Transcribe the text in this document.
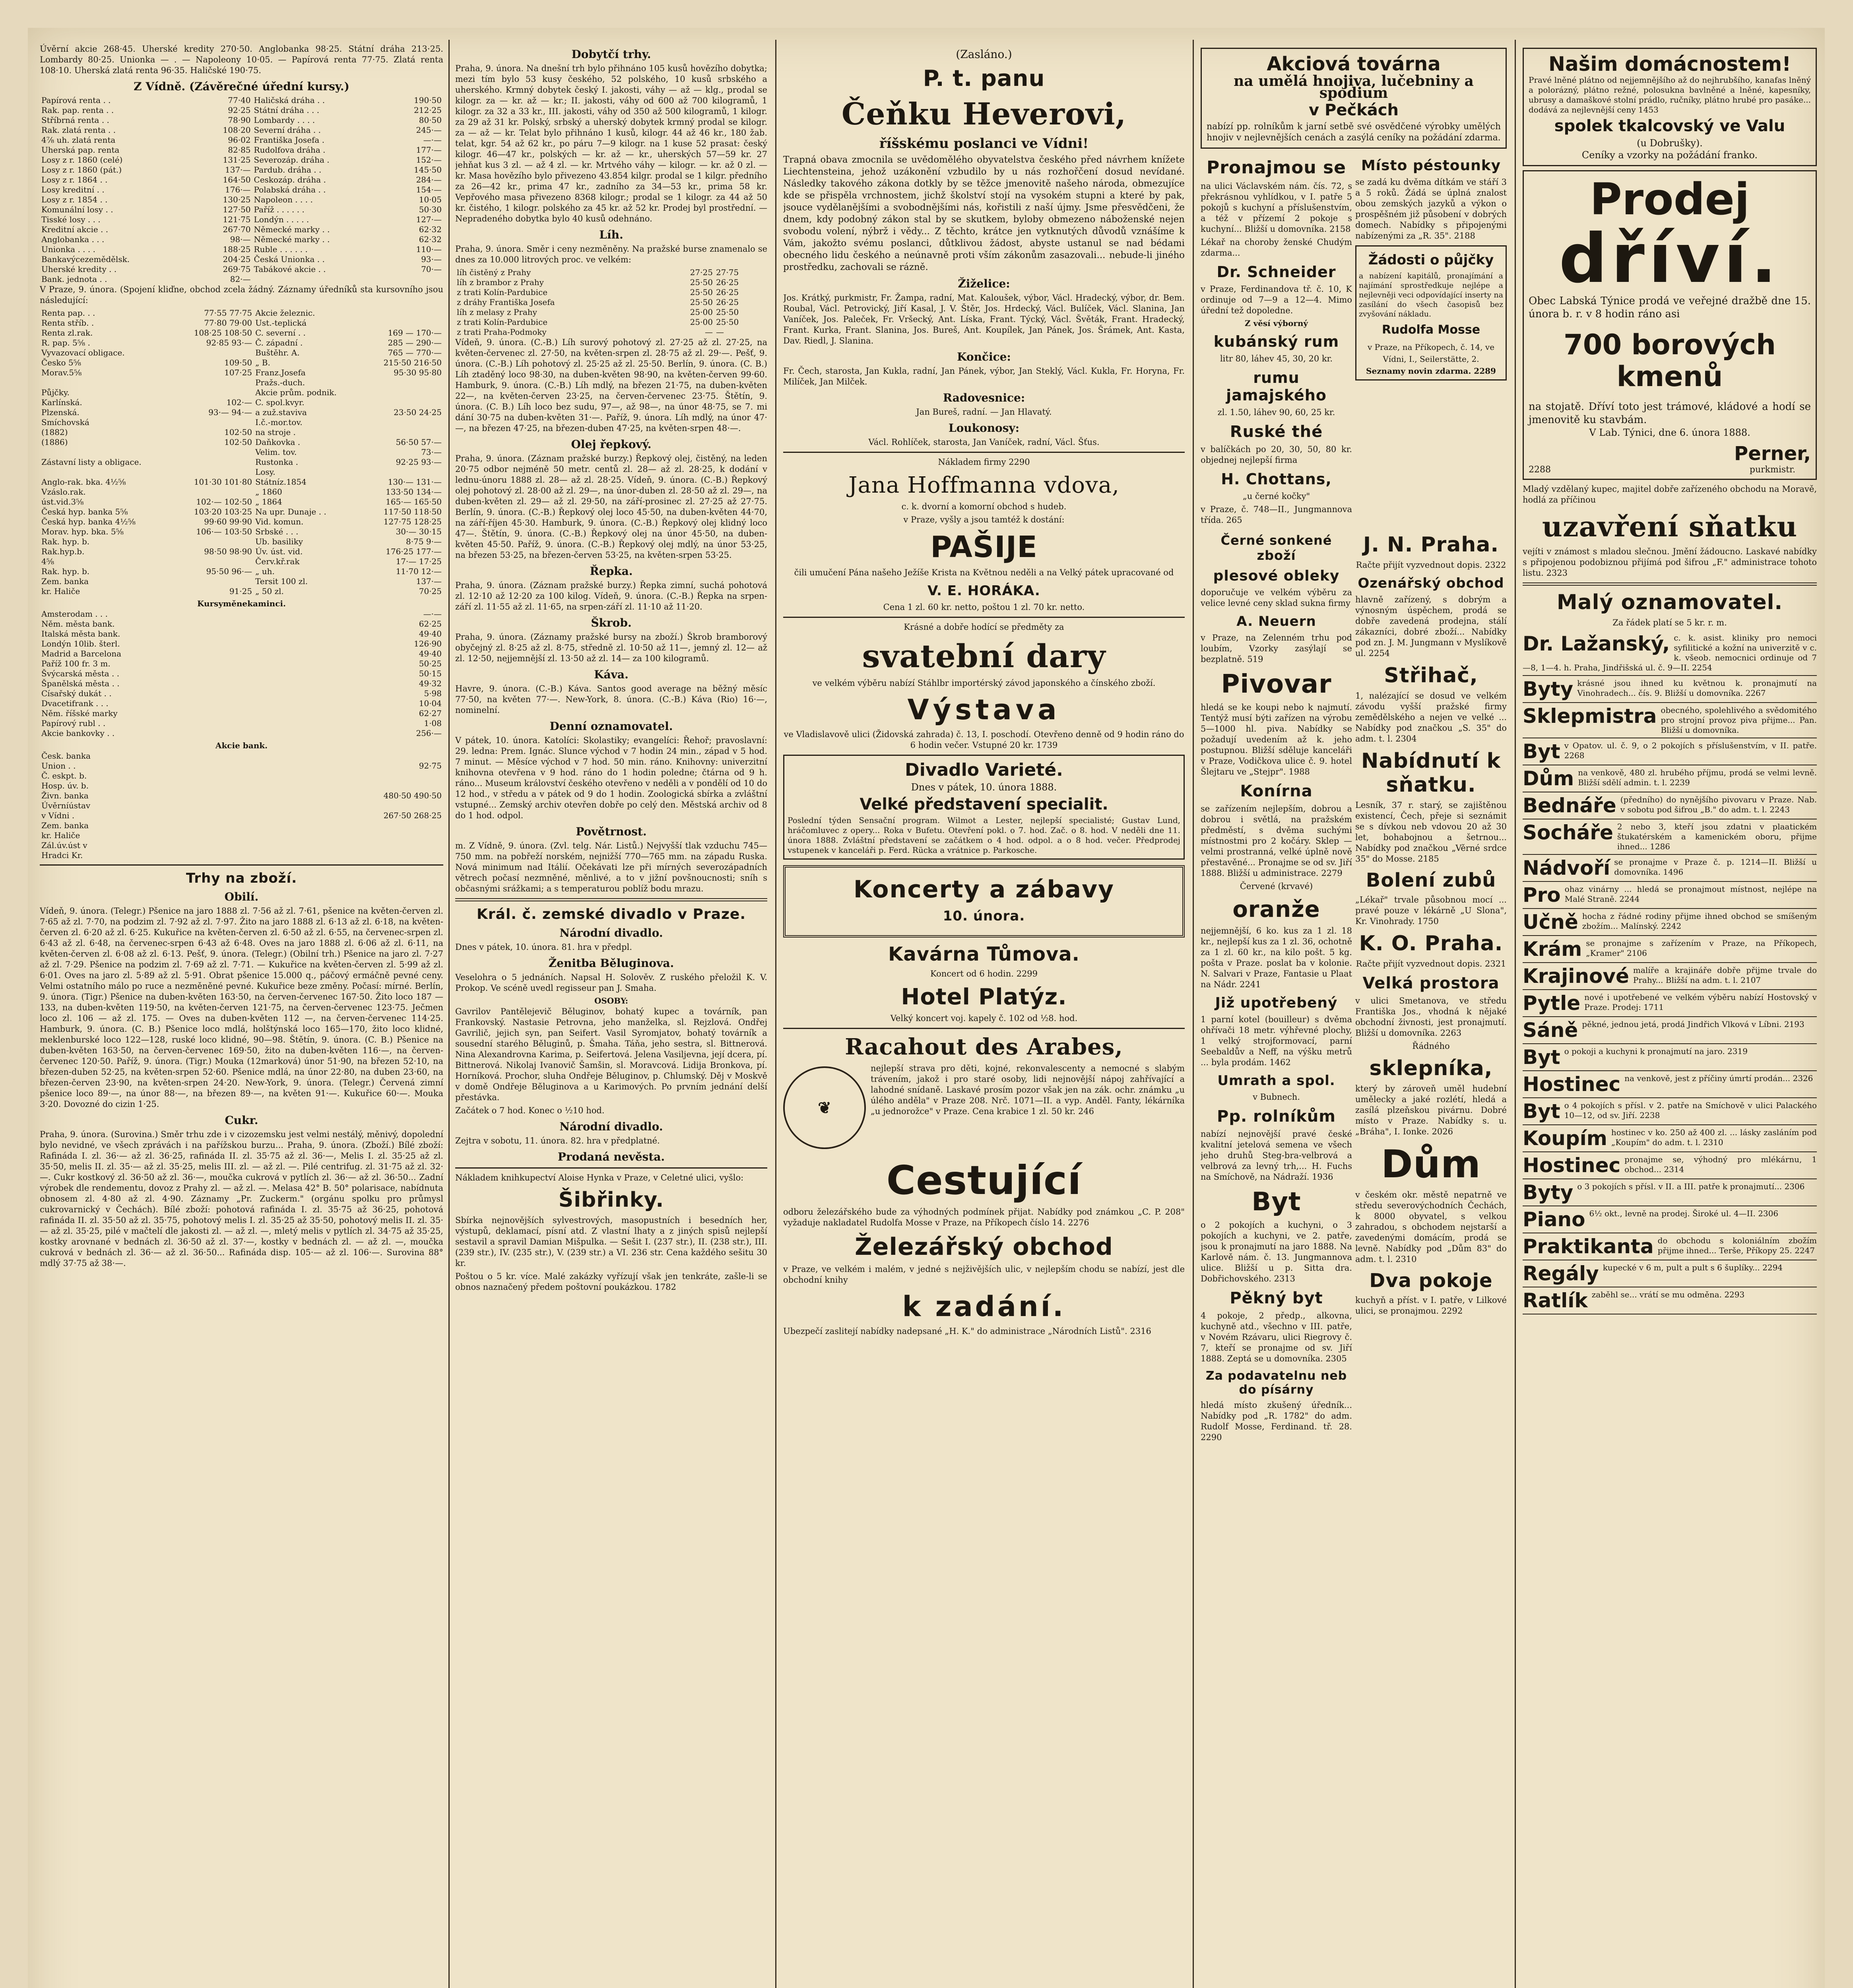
Úvěrní akcie 268·45. Uherské kredity 270·50. Anglobanka 98·25. Státní dráha 213·25. Lombardy 80·25. Unionka — . — Napoleony 10·05. — Papírová renta 77·75. Zlatá renta 108·10. Uherská zlatá renta 96·35. Haličské 190·75.

Z Vídně. (Závěrečné úřední kursy.)
Papírová renta . .	77·40	Haličská dráha . .	190·50
Rak. pap. renta . .	92·25	Státní dráha . . .	212·25
Stříbrná renta . .	78·90	Lombardy . . . .	80·50
Rak. zlatá renta . .	108·20	Severní dráha . .	245·—
4⅞ uh. zlatá renta	96·02	Františka Josefa .	—·—
Uherská pap. renta	82·85	Rudolfova dráha .	177·—
Losy z r. 1860 (celé)	131·25	Severozáp. dráha .	152·—
Losy z r. 1860 (pát.)	137·—	Pardub. dráha . .	145·50
Losy z r. 1864 . .	164·50	Ceskozáp. dráha .	284·—
Losy kreditní . .	176·—	Polabská dráha . .	154·—
Losy z r. 1854 . .	130·25	Napoleon . . . .	10·05
Komunální losy . .	127·50	Paříž . . . . . .	50·30
Tisské losy . . .	121·75	Londýn . . . . .	127·—
Kreditní akcie . .	267·70	Německé marky . .	62·32
Anglobanka . . .	98·—	Německé marky . .	62·32
Unionka . . . .	188·25	Ruble . . . . . .	110·—
Bankavýcezemědělsk.	204·25	Česká Unionka . .	93·—
Uherské kredity . .	269·75	Tabákové akcie . .	70·—
Bank. jednota . .	82·—		

V Praze, 9. února. (Spojení kliďne, obchod zcela žádný. Záznamy úředníků sta kursovního jsou následující:

Renta pap. . .	77·55 77·75	Akcie železnic.	
Renta stříb. .	77·80 79·00	Ust.-teplická	
Renta zl.rak.	108·25 108·50	C. severní . .	169 — 170·—
R. pap. 5⅝ .	92·85 93·—	Č. západní .	285 — 290·—
Vyvazovací obligace.		Buštěhr. A.	765 — 770·—
Česko 5⅝	109·50	„ B.	215·50 216·50
Morav.5⅝	107·25	Franz.Josefa	95·30 95·80
		Pražs.-duch.	
Půjčky.		Akcie prům. podnik.	
Karlínská.	102·—	C. spol.kvyr.	
Plzenská.	93·— 94·—	a zuž.staviva	23·50 24·25
Smíchovská		I.č.-mor.tov.	
(1882)	102·50	na stroje .	
(1886)	102·50	Daňkovka .	56·50 57·—
		Velim. tov.	73·—
Zástavní listy a obligace.		Rustonka .	92·25 93·—
		Losy.	
Anglo-rak. bka. 4½⅝	101·30 101·80	Státníz.1854	130·— 131·—
Vzáslo.rak.		„ 1860	133·50 134·—
úst.vid.3⅝	102·— 102·50	„ 1864	165·— 165·50
Česká hyp. banka 5⅝	103·20 103·25	Na upr. Dunaje . .	117·50 118·50
Česká hyp. banka 4½⅝	99·60 99·90	Vid. komun.	127·75 128·25
Morav. hyp. bka. 5⅝	106·— 103·50	Srbské . . .	30·— 30·15
Rak. hyp. b.		Ub. basiliky	8·75 9·—
Rak.hyp.b.	98·50 98·90	Úv. úst. vid.	176·25 177·—
4⅝		Červ.kř.rak	17·— 17·25
Rak. hyp. b.	95·50 96·—	„ uh.	11·70 12·—
Zem. banka		Tersit 100 zl.	137·—
kr. Haliče	91·25	„ 50 zl.	70·25
Kursyměnekaminci.
Amsterodam . . .	—·—
Něm. města bank.	62·25
Italská města bank.	49·40
Londýn 10lib. šterl.	126·90
Madrid a Barcelona	49·40
Paříž 100 fr. 3 m.	50·25
Švýcarská města . .	50·15
Španělská města . .	49·32
Císařský dukát . .	5·98
Dvacetifrank . . .	10·04
Něm. říšské marky	62·27
Papírový rubl . .	1·08
Akcie bankovky . .	256·—
Akcie bank.
Česk. banka	
Union . .	92·75
Č. eskpt. b.	
Hosp. úv. b.	
Živn. banka	480·50 490·50
Úvěrníústav	
v Vídni .	267·50 268·25
Zem. banka	
kr. Haliče	
Zál.úv.úst v	
Hradci Kr.	
Trhy na zboží.
Obilí.

Vídeň, 9. února. (Telegr.) Pšenice na jaro 1888 zl. 7·56 až zl. 7·61, pšenice na květen-červen zl. 7·65 až zl. 7·70, na podzim zl. 7·92 až zl. 7·97. Žito na jaro 1888 zl. 6·13 až zl. 6·18, na květen-červen zl. 6·20 až zl. 6·25. Kukuřice na květen-červen zl. 6·50 až zl. 6·55, na červenec-srpen zl. 6·43 až zl. 6·48, na červenec-srpen 6·43 až 6·48. Oves na jaro 1888 zl. 6·06 až zl. 6·11, na květen-červen zl. 6·08 až zl. 6·13. Pešť, 9. února. (Telegr.) (Obilní trh.) Pšenice na jaro zl. 7·27 až zl. 7·29. Pšenice na podzim zl. 7·69 až zl. 7·71. — Kukuřice na květen-červen zl. 5·99 až zl. 6·01. Oves na jaro zl. 5·89 až zl. 5·91. Obrat pšenice 15.000 q., páčový ermáčně pevné ceny. Velmi ostatního málo po ruce a nezměněné pevné. Kukuřice beze změny. Počasí: mírné. Berlín, 9. února. (Tigr.) Pšenice na duben-květen 163·50, na červen-červenec 167·50. Žito loco 187 — 133, na duben-květen 119·50, na květen-červen 121·75, na červen-červenec 123·75. Ječmen loco zl. 106 — až zl. 175. — Oves na duben-květen 112 —, na červen-červenec 114·25. Hamburk, 9. února. (C. B.) Pšenice loco mdlá, holštýnská loco 165—170, žito loco klidné, meklenburské loco 122—128, ruské loco klidné, 90—98. Štětín, 9. února. (C. B.) Pšenice na duben-květen 163·50, na červen-červenec 169·50, žito na duben-květen 116·—, na červen-červenec 120·50. Paříž, 9. února. (Tigr.) Mouka (12marková) únor 51·90, na březen 52·10, na březen-duben 52·25, na květen-srpen 52·60. Pšenice mdlá, na únor 22·80, na duben 23·60, na březen-červen 23·90, na květen-srpen 24·20. New-York, 9. února. (Telegr.) Červená zimní pšenice loco 89·—, na únor 88·—, na březen 89·—, na květen 91·—. Kukuřice 60·—. Mouka 3·20. Dovozné do cizin 1·25.

Cukr.

Praha, 9. února. (Surovina.) Směr trhu zde i v cizozemsku jest velmi nestálý, měnivý, dopolední bylo nevidné, ve všech zprávách i na pařížskou burzu... Praha, 9. února. (Zboží.) Bílé zboží: Rafináda I. zl. 36·— až zl. 36·25, rafináda II. zl. 35·75 až zl. 36·—, Melis I. zl. 35·25 až zl. 35·50, melis II. zl. 35·— až zl. 35·25, melis III. zl. — až zl. —. Pilé centrifug. zl. 31·75 až zl. 32·—. Cukr kostkový zl. 36·50 až zl. 36·—, moučka cukrová v pytlích zl. 36·— až zl. 36·50... Zadní výrobek dle rendementu, dovoz z Prahy zl. — až zl. —. Melasa 42° B. 50° polarisace, nabídnuta obnosem zl. 4·80 až zl. 4·90. Záznamy „Pr. Zuckerm." (orgánu spolku pro průmysl cukrovarnický v Čechách). Bílé zboží: pohotová rafináda I. zl. 35·75 až 36·25, pohotová rafináda II. zl. 35·50 až zl. 35·75, pohotový melis I. zl. 35·25 až 35·50, pohotový melis II. zl. 35·— až zl. 35·25, pilé v mačtelí dle jakosti zl. — až zl. —, mletý melis v pytlích zl. 34·75 až 35·25, kostky arovnané v bednách zl. 36·50 až zl. 37·—, kostky v bednách zl. — až zl. —, moučka cukrová v bednách zl. 36·— až zl. 36·50... Rafináda disp. 105·— až zl. 106·—. Surovina 88° mdlý 37·75 až 38·—.

Dobytčí trhy.

Praha, 9. února. Na dnešní trh bylo přihnáno 105 kusů hovězího dobytka; mezi tím bylo 53 kusy českého, 52 polského, 10 kusů srbského a uherského. Krmný dobytek český I. jakosti, váhy — až — klg., prodal se kilogr. za — kr. až — kr.; II. jakosti, váhy od 600 až 700 kilogramů, 1 kilogr. za 32 a 33 kr., III. jakosti, váhy od 350 až 500 kilogramů, 1 kilogr. za 29 až 31 kr. Polský, srbský a uherský dobytek krmný prodal se kilogr. za — až — kr. Telat bylo přihnáno 1 kusů, kilogr. 44 až 46 kr., 180 žab. telat, kgr. 54 až 62 kr., po páru 7—9 kilogr. na 1 kuse 52 prasat: český kilogr. 46—47 kr., polských — kr. až — kr., uherských 57—59 kr. 27 jehňat kus 3 zl. — až 4 zl. — kr. Mrtvého váhy — kilogr. — kr. až 0 zl. — kr. Masa hovězího bylo přivezeno 43.854 kilgr. prodal se 1 kilgr. předního za 26—42 kr., prima 47 kr., zadního za 34—53 kr., prima 58 kr. Vepřového masa přivezeno 8368 kilogr.; prodal se 1 kilogr. za 44 až 50 kr. čistého, 1 kilogr. polského za 45 kr. až 52 kr. Prodej byl prostřední. — Nepradeného dobytka bylo 40 kusů odehnáno.

Líh.

Praha, 9. února. Směr i ceny nezměněny. Na pražské burse znamenalo se dnes za 10.000 litrových proc. ve velkém:

líh čistěný z Prahy	27·25	27·75
líh z brambor z Prahy	25·50	26·25
z trati Kolín-Pardubice	25·50	26·25
z dráhy Františka Josefa	25·50	26·25
líh z melasy z Prahy	25·00	25·50
z trati Kolín-Pardubice	25·00	25·50
z trati Praha-Podmoky	—	—

Vídeň, 9. února. (C.-B.) Líh surový pohotový zl. 27·25 až zl. 27·25, na květen-červenec zl. 27·50, na květen-srpen zl. 28·75 až zl. 29·—. Pešť, 9. února. (C.-B.) Líh pohotový zl. 25·25 až zl. 25·50. Berlín, 9. února. (C. B.) Líh ztaděný loco 98·30, na duben-květen 98·90, na květen-červen 99·60. Hamburk, 9. února. (C.-B.) Líh mdlý, na březen 21·75, na duben-květen 22—, na květen-červen 23·25, na červen-červenec 23·75. Štětín, 9. února. (C. B.) Líh loco bez sudu, 97—, až 98—, na únor 48·75, se 7. mi dání 30·75 na duben-květen 31·—. Paříž, 9. února. Líh mdlý, na únor 47·—, na březen 47·25, na březen-duben 47·25, na květen-srpen 48·—.

Olej řepkový.

Praha, 9. února. (Záznam pražské burzy.) Řepkový olej, čistěný, na leden 20·75 odbor nejméně 50 metr. centů zl. 28— až zl. 28·25, k dodání v lednu-únoru 1888 zl. 28— až zl. 28·25. Vídeň, 9. února. (C.-B.) Řepkový olej pohotový zl. 28·00 až zl. 29—, na únor-duben zl. 28·50 až zl. 29—, na duben-květen zl. 29— až zl. 29·50, na září-prosinec zl. 27·25 až 27·75. Berlín, 9. února. (C.-B.) Řepkový olej loco 45·50, na duben-květen 44·70, na září-říjen 45·30. Hamburk, 9. února. (C.-B.) Řepkový olej klidný loco 47—. Štětín, 9. února. (C.-B.) Řepkový olej na únor 45·50, na duben-květen 45·50. Paříž, 9. února. (C.-B.) Řepkový olej mdlý, na únor 53·25, na březen 53·25, na březen-červen 53·25, na květen-srpen 53·25.

Řepka.

Praha, 9. února. (Záznam pražské burzy.) Řepka zimní, suchá pohotová zl. 12·10 až 12·20 za 100 kilog. Vídeň, 9. února. (C.-B.) Řepka na srpen-září zl. 11·55 až zl. 11·65, na srpen-září zl. 11·10 až 11·20.

Škrob.

Praha, 9. února. (Záznamy pražské bursy na zboží.) Škrob bramborový obyčejný zl. 8·25 až zl. 8·75, středně zl. 10·50 až 11—, jemný zl. 12— až zl. 12·50, nejjemnější zl. 13·50 až zl. 14— za 100 kilogramů.

Káva.

Havre, 9. února. (C.-B.) Káva. Santos good average na běžný měsíc 77·50, na květen 77·—. New-York, 8. února. (C.-B.) Káva (Rio) 16·—, nominelní.

Denní oznamovatel.

V pátek, 10. února. Katolíci: Skolastiky; evangelíci: Řehoř; pravoslavní: 29. ledna: Prem. Ignác. Slunce východ v 7 hodin 24 min., západ v 5 hod. 7 minut. — Měsíce východ v 7 hod. 50 min. ráno. Knihovny: univerzitní knihovna otevřena v 9 hod. ráno do 1 hodin poledne; čtárna od 9 h. ráno... Museum království českého otevřeno v neděli a v pondělí od 10 do 12 hod., v středu a v pátek od 9 do 1 hodin. Zoologická sbírka a zvláštní vstupné... Zemský archiv otevřen dobře po celý den. Městská archiv od 8 do 1 hod. odpol.

Povětrnost.

m. Z Vídně, 9. února. (Zvl. telg. Nár. Listů.) Nejvyšší tlak vzduchu 745—750 mm. na pobřeží norském, nejnižší 770—765 mm. na západu Ruska. Nová minimum nad Itálií. Očekávati lze při mírných severozápadních větrech počasí nezmněné, měnlivé, a to v jižní povšnoucnosti; sníh s občasnými srážkami; a s temperaturou poblíž bodu mrazu.

Král. č. zemské divadlo v Praze.
Národní divadlo.

Dnes v pátek, 10. února. 81. hra v předpl.

Ženitba Běluginova.

Veselohra o 5 jednáních. Napsal H. Solověv. Z ruského přeložil K. V. Prokop. Ve scéně uvedl regisseur pan J. Smaha.

OSOBY:

Gavrilov Pantělejevič Běluginov, bohatý kupec a továrník, pan Frankovský. Nastasie Petrovna, jeho manželka, sl. Rejzlová. Ondřej Gavrilič, jejich syn, pan Seifert. Vasil Syromjatov, bohatý továrník a sousední starého Běluginů, p. Šmaha. Táňa, jeho sestra, sl. Bittnerová. Nina Alexandrovna Karima, p. Seifertová. Jelena Vasiljevna, její dcera, pí. Bittnerová. Nikolaj Ivanovič Šamšin, sl. Moravcová. Lidija Bronkova, pí. Horníková. Prochor, sluha Ondřeje Běluginov, p. Chlumský. Děj v Moskvě v domě Ondřeje Běluginova a u Karimových. Po prvním jednání delší přestávka.

Začátek o 7 hod. Konec o ½10 hod.

Národní divadlo.

Zejtra v sobotu, 11. února. 82. hra v předplatné.

Prodaná nevěsta.

Nákladem knihkupectví Aloise Hynka v Praze, v Celetné ulici, vyšlo:

Šibřinky.

Sbírka nejnovějších sylvestrových, masopustních i besedních her, výstupů, deklamací, písní atd. Z vlastní lhaty a z jiných spisů nejlepší sestavil a spravil Damian Mišpulka. — Sešit I. (237 str.), II. (238 str.), III. (239 str.), IV. (235 str.), V. (239 str.) a VI. 236 str. Cena každého sešitu 30 kr.

Poštou o 5 kr. více. Malé zakázky vyřízují však jen tenkráte, zašle-li se obnos naznačený předem poštovní poukázkou. 1782

(Zasláno.)
P. t. panu
Čeňku Heverovi,
říšskému poslanci ve Vídni!

Trapná obava zmocnila se uvědomělého obyvatelstva českého před návrhem knížete Liechtensteina, jehož uzákonění vzbudilo by u nás rozhořčení dosud nevídané. Následky takového zákona dotkly by se těžce jmenovitě našeho národa, obmezujíce kde se přispěla vrchnostem, jichž školství stojí na vysokém stupni a které by pak, jsouce vydělanějšími a svobodnějšími nás, kořistili z naší újmy. Jsme přesvědčeni, že dnem, kdy podobný zákon stal by se skutkem, byloby obmezeno náboženské nejen svobodu volení, nýbrž i vědy... Z těchto, krátce jen vytknutých důvodů vznášíme k Vám, jakožto svému poslanci, důtklivou žádost, abyste ustanul se nad bédami obecného lidu českého a neúnavně proti vším zákonům zasazovali... nebude-li jiného prostředku, zachovali se rázně.

Žiželice:

Jos. Krátký, purkmistr, Fr. Žampa, radní, Mat. Kaloušek, výbor, Václ. Hradecký, výbor, dr. Bem. Roubal, Václ. Petrovický, Jiří Kasal, J. V. Štěr, Jos. Hrdecký, Václ. Bulíček, Václ. Slanina, Jan Vaníček, Jos. Paleček, Fr. Vršecký, Ant. Líska, Frant. Týcký, Václ. Švěták, Frant. Hradecký, Frant. Kurka, Frant. Slanina, Jos. Bureš, Ant. Koupílek, Jan Pánek, Jos. Šrámek, Ant. Kasta, Dav. Riedl, J. Slanina.

Končice:

Fr. Čech, starosta, Jan Kukla, radní, Jan Pánek, výbor, Jan Steklý, Václ. Kukla, Fr. Horyna, Fr. Milíček, Jan Milček.

Radovesnice:

Jan Bureš, radní. — Jan Hlavatý.

Loukonosy:

Václ. Rohlíček, starosta, Jan Vaníček, radní, Václ. Šťus.

Nákladem firmy 2290

Jana Hoffmanna vdova,

c. k. dvorní a komorní obchod s hudeb.

v Praze, vyšly a jsou tamtéž k dostání:

PAŠIJE

čili umučení Pána našeho Ježíše Krista na Květnou neděli a na Velký pátek upracované od

V. E. HORÁKA.

Cena 1 zl. 60 kr. netto, poštou 1 zl. 70 kr. netto.

Krásné a dobře hodící se předměty za

svatební dary

ve velkém výběru nabízí Stáhlbr importérský závod japonského a čínského zboží.

Výstava

ve Vladislavově ulici (Židovská zahrada) č. 13, I. poschodí. Otevřeno denně od 9 hodin ráno do 6 hodin večer. Vstupné 20 kr. 1739

Divadlo Varieté.
Dnes v pátek, 10. února 1888.
Velké představení specialit.
Poslední týden Sensační program. Wilmot a Lester, nejlepší specialisté; Gustav Lund, hráčomluvec z opery... Roka v Bufetu. Otevření pokl. o 7. hod. Zač. o 8. hod. V neděli dne 11. února 1888. Zvláštní představení se začátkem o 4 hod. odpol. a o 8 hod. večer. Předprodej vstupenek v kanceláři p. Ferd. Rücka a vrátnice p. Parkosche.
Koncerty a zábavy
10. února.
Kavárna Tůmova.

Koncert od 6 hodin. 2299

Hotel Platýz.

Velký koncert voj. kapely č. 102 od ½8. hod.

Racahout des Arabes,
❦

nejlepší strava pro děti, kojné, rekonvalescenty a nemocné s slabým trávením, jakož i pro staré osoby, lidi nejnovější nápoj zahřívající a lahodné snídaně. Laskavé prosím pozor však jen na zák. ochr. známku „u úlého anděla" v Praze 208. Nrč. 1071—II. a vyp. Anděl. Fanty, lékárníka „u jednorožce" v Praze. Cena krabice 1 zl. 50 kr. 246

Cestující

odboru železářského bude za výhodných podmínek přijat. Nabídky pod známkou „C. P. 208" vyžaduje nakladatel Rudolfa Mosse v Praze, na Příkopech číslo 14. 2276

Železářský obchod

v Praze, ve velkém i malém, v jedné s nejživějších ulic, v nejlepším chodu se nabízí, jest dle obchodní knihy

k zadání.

Ubezpečí zaslitejí nabídky nadepsané „H. K." do administrace „Národních Listů". 2316

Akciová továrna
na umělá hnojiva, lučebniny a spodium
v Pečkách
nabízí pp. rolníkům k jarní setbě své osvědčené výrobky umělých hnojiv v nejlevnějších cenách a zasýlá ceníky na požádání zdarma.
Pronajmou se

na ulici Václavském nám. čís. 72, s překrásnou vyhlídkou, v I. patře 5 pokojů s kuchyní a příslušenstvím, a též v přízemí 2 pokoje s kuchyní... Bližší u domovníka. 2158

Lékař na choroby ženské Chudým zdarma...

Dr. Schneider

v Praze, Ferdinandova tř. č. 10, K ordinuje od 7—9 a 12—4. Mimo úřední tež dopoledne.

Z věsí výborný
kubánský rum

litr 80, láhev 45, 30, 20 kr.

rumu jamajského

zl. 1.50, láhev 90, 60, 25 kr.

Ruské thé

v balíčkách po 20, 30, 50, 80 kr. objednej nejlepší firma

H. Chottans,

„u černé kočky"

v Praze, č. 748—II., Jungmannova třída. 265

Místo péstounky

se zadá ku dvěma dítkám ve stáří 3 a 5 roků. Žádá se úplná znalost obou zemských jazyků a výkon o prospěšném již působení v dobrých domech. Nabídky s připojenými nabízenými za „R. 35". 2188

Žádosti o půjčky
a nabízení kapitálů, pronajímání a najímání sprostředkuje nejlépe a nejlevněji veci odpovídající inserty na zasílání do všech časopisů bez zvyšování nákladu.
Rudolfa Mosse
v Praze, na Příkopech, č. 14, ve Vídni, I., Seilerstätte, 2.
Seznamy novin zdarma. 2289
Černé sonkené zboží
plesové obleky

doporučuje ve velkém výběru za velice levné ceny sklad sukna firmy

A. Neuern

v Praze, na Zelenném trhu pod loubím, Vzorky zasýlají se bezplatně. 519

Pivovar

hledá se ke koupi nebo k najmutí. Tentýž musí býti zařízen na výrobu 5—1000 hl. piva. Nabídky se požadují uvedením až k. jeho postupnou. Bližší sděluje kanceláři v Praze, Vodičkova ulice č. 9. hotel Šlejtaru ve „Stejpr". 1988

Konírna

se zařízením nejlepším, dobrou a dobrou i světlá, na pražském předměstí, s dvěma suchými místnostmi pro 2 kočáry. Sklep — velmi prostranná, velké úplně nově přestavěné... Pronajme se od sv. Jiří 1888. Bližší u administrace. 2279

Červené (krvavé)

oranže

nejjemnější, 6 ko. kus za 1 zl. 18 kr., nejlepší kus za 1 zl. 36, ochotně za 1 zl. 60 kr., na kilo pošt. 5 kg. pošta v Praze. poslat ba v kolonie. N. Salvari v Praze, Fantasie u Plaat na Nádr. 2241

Již upotřebený

1 parní kotel (bouilleur) s dvěma ohřívači 18 metr. výhřevné plochy, 1 velký strojformovací, parní Seebaldův a Neff, na výšku metrů ... byla prodám. 1462

Umrath a spol.

v Bubnech.

Pp. rolníkům

nabízí nejnovější pravé české kvalitní jetelová semena ve všech jeho druhů Steg-bra-velbrová a velbrová za levný trh,... H. Fuchs na Smíchově, na Nádraží. 1936

Byt

o 2 pokojích a kuchyni, o 3 pokojích a kuchyni, ve 2. patře, jsou k pronajmutí na jaro 1888. Na Karlově nám. č. 13. Jungmannova ulice. Bližší u p. Sitta dra. Dobřichovského. 2313

Pěkný byt

4 pokoje, 2 předp., alkovna, kuchyně atd., všechno v III. patře, v Novém Rzávaru, ulici Riegrovy č. 7, kteří se pronajme od sv. Jiří 1888. Zeptá se u domovníka. 2305

Za podavatelnu neb do písárny

hledá místo zkušený úředník... Nabídky pod „R. 1782" do adm. Rudolf Mosse, Ferdinand. tř. 28. 2290

J. N. Praha.

Račte přijít vyzvednout dopis. 2322

Ozenářský obchod

hlavně zařízený, s dobrým a výnosným úspěchem, prodá se dobře zavedená prodejna, stálí zákazníci, dobré zboží... Nabídky pod zn. J. M. Jungmann v Myslíkově ul. 2254

Střihač,

1, nalézající se dosud ve velkém závodu vyšší pražské firmy zemědělského a nejen ve velké ... Nabídky pod značkou „S. 35" do adm. t. l. 2304

Nabídnutí k sňatku.

Lesník, 37 r. starý, se zajištěnou existencí, Čech, přeje si seznámit se s dívkou neb vdovou 20 až 30 let, bohabojnou a šetrnou... Nabídky pod značkou „Věrné srdce 35" do Mosse. 2185

Bolení zubů

„Lékař" trvale působnou mocí ... pravé pouze v lékárně „U Slona", Kr. Vinohrady. 1750

K. O. Praha.

Račte přijít vyzvednout dopis. 2321

Velká prostora

v ulici Smetanova, ve středu Františka Jos., vhodná k nějaké obchodní živnosti, jest pronajmutí. Bližší u domovníka. 2263

Řádného

sklepníka,

který by zároveň uměl hudební umělecky a jaké rozlétí, hledá a zasílá plzeňskou pivárnu. Dobré místo v Praze. Nabídky s. u. „Bráha", I. Ionke. 2026

Dům

v českém okr. městě nepatrně ve středu severovýchodních Čechách, k 8000 obyvatel, s velkou zahradou, s obchodem nejstarší a zavedenými domácím, prodá se levně. Nabídky pod „Dům 83" do adm. t. l. 2310

Dva pokoje

kuchyň a příst. v I. patře, v Lilkové ulici, se pronajmou. 2292

Našim domácnostem!
Pravé lněné plátno od nejjemnějšího až do nejhrubšího, kanafas lněný a polorázný, plátno režné, polosukna bavlněné a lněné, kapesníky, ubrusy a damaškové stolní prádlo, ručníky, plátno hrubé pro pasáke... dodává za nejlevnější ceny 1453
spolek tkalcovský ve Valu
(u Dobrušky).
Ceníky a vzorky na požádání franko.
Prodej
dříví.
Obec Labská Týnice prodá ve veřejné dražbě dne 15. února b. r. v 8 hodin ráno asi
700 borových kmenů
na stojatě. Dříví toto jest trámové, kládové a hodí se jmenovitě ku stavbám.
V Lab. Týnici, dne 6. února 1888.
2288
Perner,
purkmistr.

Mladý vzdělaný kupec, majitel dobře zařízeného obchodu na Moravě, hodlá za příčinou

uzavření sňatku

vejíti v známost s mladou slečnou. Jmění žádoucno. Laskavé nabídky s připojenou podobiznou přijímá pod šifrou „F." administrace tohoto listu. 2323

Malý oznamovatel.

Za řádek platí se 5 kr. r. m.

Dr. Lažanský, c. k. asist. kliniky pro nemoci syfilitické a kožní na univerzitě v c. k. všeob. nemocnici ordinuje od 7—8, 1—4. h. Praha, Jindřišská ul. č. 9—II. 2254
Byty krásné jsou ihned ku květnou k. pronajmutí na Vinohradech... čís. 9. Bližší u domovníka. 2267
Sklepmistra obecného, spolehlivého a svědomitého pro strojní provoz piva přijme... Pan. Bližší u domovníka.
Byt v Opatov. ul. č. 9, o 2 pokojích s příslušenstvím, v II. patře. 2268
Dům na venkově, 480 zl. hrubého příjmu, prodá se velmi levně. Bližší sdělí admin. t. l. 2239
Bednáře (předního) do nynějšího pivovaru v Praze. Nab. v sobotu pod šifrou „B." do adm. t. l. 2243
Socháře 2 nebo 3, kteří jsou zdatni v plaatickém štukatérském a kamenickém oboru, přijme ihned... 1286
Nádvoří se pronajme v Praze č. p. 1214—II. Bližší u domovníka. 1496
Pro ohaz vinárny ... hledá se pronajmout místnost, nejlépe na Malé Straně. 2244
Učně hocha z řádné rodiny přijme ihned obchod se smíšeným zbožím... Malínský. 2242
Krám se pronajme s zařízením v Praze, na Příkopech, „Kramer" 2106
Krajinové malíře a krajináře dobře přijme trvale do Prahy... Bližší na adm. t. l. 2107
Pytle nové i upotřebené ve velkém výběru nabízí Hostovský v Praze. Prodej: 1711
Sáně pěkné, jednou jetá, prodá Jindřich Vlková v Líbni. 2193
Byt o pokoji a kuchyni k pronajmutí na jaro. 2319
Hostinec na venkově, jest z příčiny úmrtí prodán... 2326
Byt o 4 pokojích s přísl. v 2. patře na Smíchově v ulici Palackého 10—12, od sv. Jiří. 2238
Koupím hostinec v ko. 250 až 400 zl. ... lásky zasláním pod „Koupím" do adm. t. l. 2310
Hostinec pronajme se, výhodný pro mlékárnu, 1 obchod... 2314
Byty o 3 pokojích s přísl. v II. a III. patře k pronajmutí... 2306
Piano 6½ okt., levně na prodej. Široké ul. 4—II. 2306
Praktikanta do obchodu s koloniálním zbožím přijme ihned... Terše, Příkopy 25. 2247
Regály kupecké v 6 m, pult a pult s 6 šuplíky... 2294
Ratlík zaběhl se... vrátí se mu odměna. 2293
